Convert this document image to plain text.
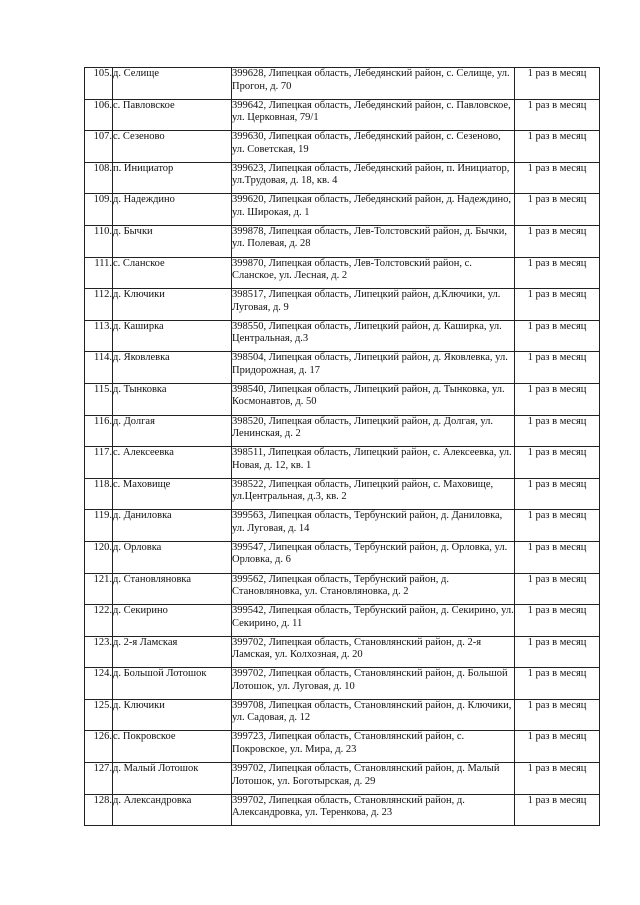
105.	д. Селище	399628, Липецкая область, Лебедянский район, с. Селище, ул. Прогон, д. 70	1 раз в месяц
106.	с. Павловское	399642, Липецкая область, Лебедянский район, с. Павловское, ул. Церковная, 79/1	1 раз в месяц
107.	с. Сезеново	399630, Липецкая область, Лебедянский район, с. Сезеново, ул. Советская, 19	1 раз в месяц
108.	п. Инициатор	399623, Липецкая область, Лебедянский район, п. Инициатор, ул.Трудовая, д. 18, кв. 4	1 раз в месяц
109.	д. Надеждино	399620, Липецкая область, Лебедянский район, д. Надеждино, ул. Широкая, д. 1	1 раз в месяц
110.	д. Бычки	399878, Липецкая область, Лев-Толстовский район, д. Бычки, ул. Полевая, д. 28	1 раз в месяц
111.	с. Сланское	399870, Липецкая область, Лев-Толстовский район, с. Сланское, ул. Лесная, д. 2	1 раз в месяц
112.	д. Ключики	398517, Липецкая область, Липецкий район, д.Ключики, ул. Луговая, д. 9	1 раз в месяц
113.	д. Каширка	398550, Липецкая область, Липецкий район, д. Каширка, ул. Центральная, д.3	1 раз в месяц
114.	д. Яковлевка	398504, Липецкая область, Липецкий район, д. Яковлевка, ул. Придорожная, д. 17	1 раз в месяц
115.	д. Тынковка	398540, Липецкая область, Липецкий район, д. Тынковка, ул. Космонавтов, д. 50	1 раз в месяц
116.	д. Долгая	398520, Липецкая область, Липецкий район, д. Долгая, ул. Ленинская, д. 2	1 раз в месяц
117.	с. Алексеевка	398511, Липецкая область, Липецкий район, с. Алексеевка, ул. Новая, д. 12, кв. 1	1 раз в месяц
118.	с. Маховище	398522, Липецкая область, Липецкий район, с. Маховище, ул.Центральная, д.3, кв. 2	1 раз в месяц
119.	д. Даниловка	399563, Липецкая область, Тербунский район, д. Даниловка, ул. Луговая, д. 14	1 раз в месяц
120.	д. Орловка	399547, Липецкая область, Тербунский район, д. Орловка, ул. Орловка, д. 6	1 раз в месяц
121.	д. Становляновка	399562, Липецкая область, Тербунский район, д. Становляновка, ул. Становляновка, д. 2	1 раз в месяц
122.	д. Секирино	399542, Липецкая область, Тербунский район, д. Секирино, ул. Секирино, д. 11	1 раз в месяц
123.	д. 2-я Ламская	399702, Липецкая область, Становлянский район, д. 2-я Ламская, ул. Колхозная, д. 20	1 раз в месяц
124.	д. Большой Лотошок	399702, Липецкая область, Становлянский район, д. Большой Лотошок, ул. Луговая, д. 10	1 раз в месяц
125.	д. Ключики	399708, Липецкая область, Становлянский район, д. Ключики, ул. Садовая, д. 12	1 раз в месяц
126.	с. Покровское	399723, Липецкая область, Становлянский район, с. Покровское, ул. Мира, д. 23	1 раз в месяц
127.	д. Малый Лотошок	399702, Липецкая область, Становлянский район, д. Малый Лотошок, ул. Боготырская, д. 29	1 раз в месяц
128.	д. Александровка	399702, Липецкая область, Становлянский район, д. Александровка, ул. Теренкова, д. 23	1 раз в месяц
